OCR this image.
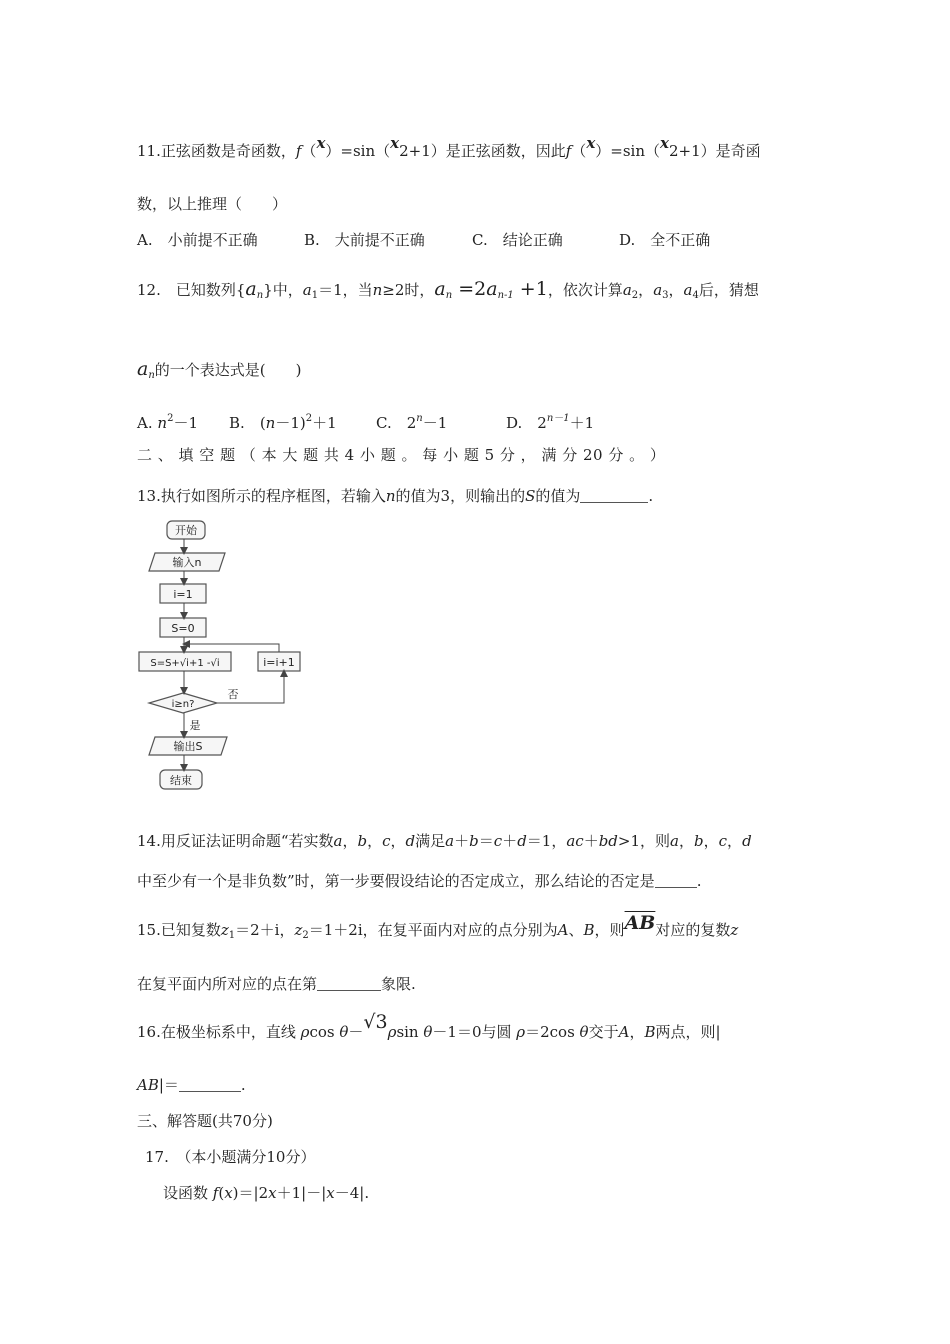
11.正弦函数是奇函数，f（x）=sin（x2+1）是正弦函数，因此f（x）=sin（x2+1）是奇函
数，以上推理（　　）
A.　小前提不正确	B.　大前提不正确	C.　结论正确	D.　全不正确
12.　已知数列$\{a_n\}$中，$a_1=1$，当n≥2时，$a_n =2a_{n-1} +1$，依次计算$a_2$，$a_3$，$a_4$后，猜想
$a_n$的一个表达式是(　　)
A. $n^2-1$ B.　 $(n-1)^2+1$	C.　 $2^n-1$	D.　 $2^{n-1}+1$
二 、 填 空 题 （ 本 大 题 共 4 小 题 。 每 小 题 5 分 ， 满 分 20 分 。 ）
13.执行如图所示的程序框图，若输入n的值为3，则输出的S的值为	.
开始
输入n
i=1
S=0
S=S+√i+1 -√i	i=i+1
i≥n?
否
是
输出S
结束
14.用反证法证明命题“若实数a，b，c，d满足a＋b＝c＋d＝1，ac＋bd>1，则a，b，c，d
中至少有一个是非负数”时，第一步要假设结论的否定成立，那么结论的否定是	.
15.已知复数$z_1=2+i$，$z_2=1+2i$，在复平面内对应的点分别为A、B，则$\overline{AB}$对应的复数z
在复平面内所对应的点在第	象限.
16.在极坐标系中，直线 ρcos θ－√3ρsin θ－1＝0与圆 ρ＝2cos θ交于A，B两点，则|
AB|＝	.
三、解答题(共70分)
17.　（本小题满分10分）
设函数 f(x)＝|2x＋1|－|x－4|.
